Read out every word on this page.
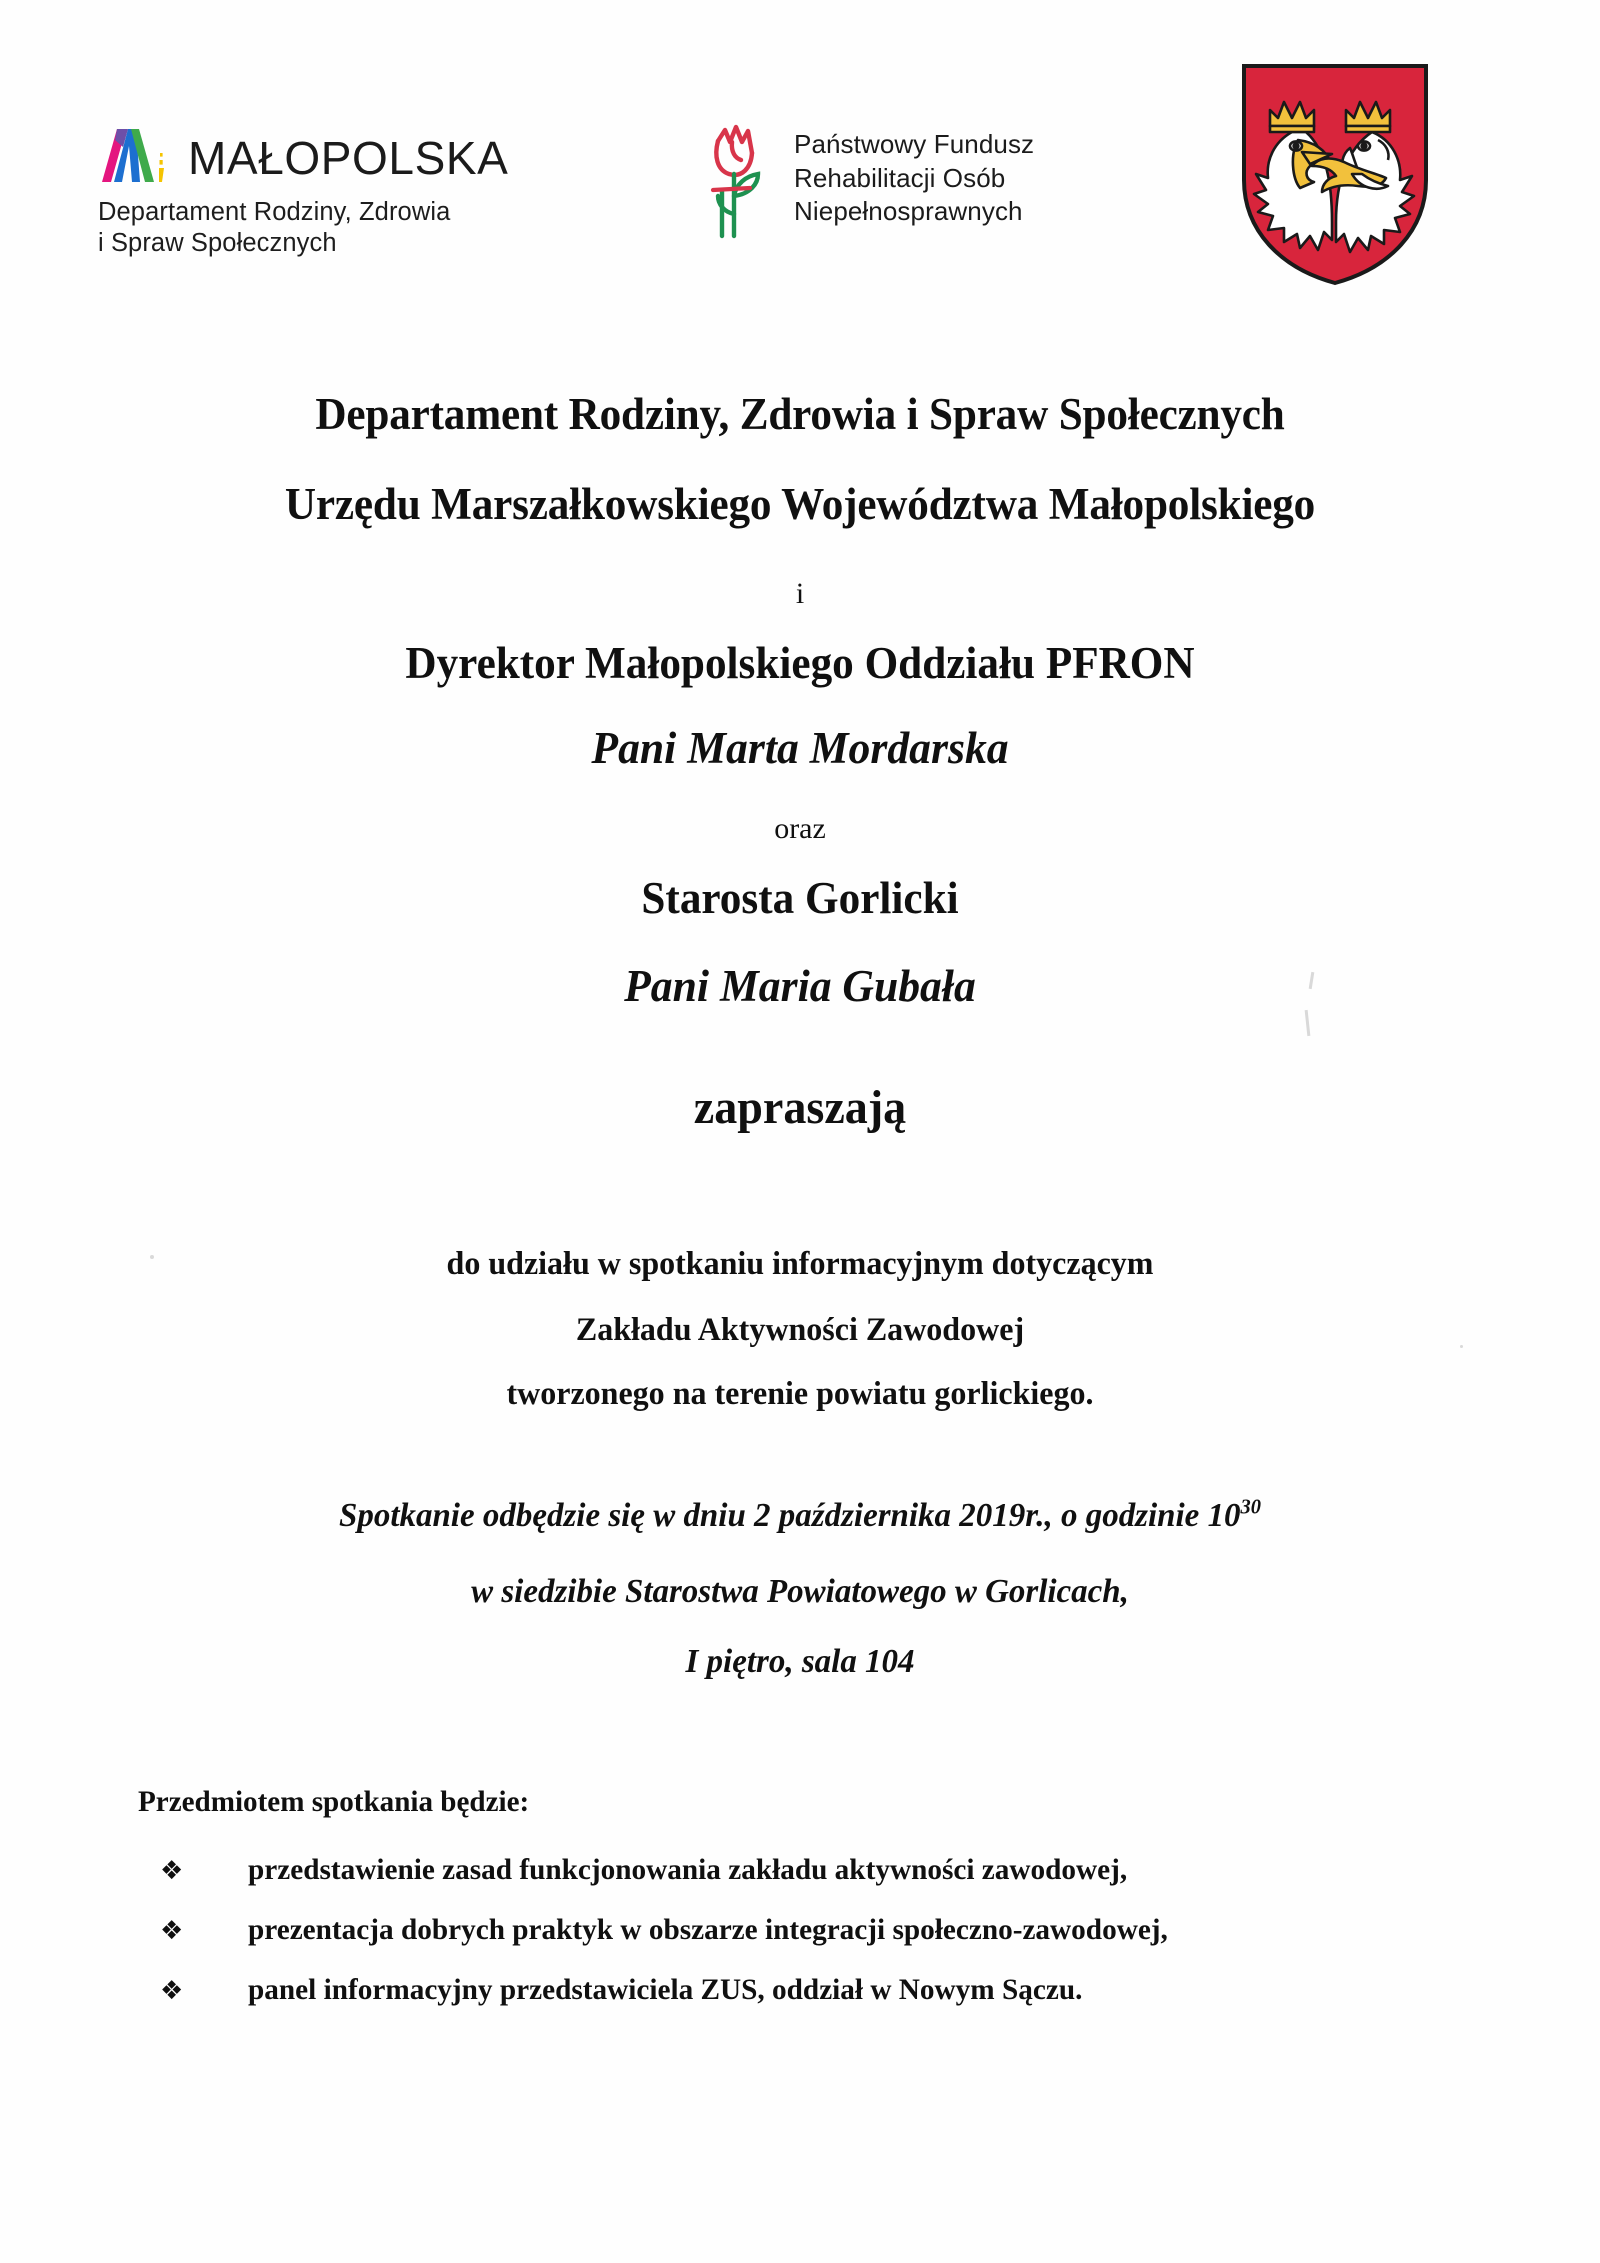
MAŁOPOLSKA
Departament Rodziny, Zdrowia
i Spraw Społecznych
Państwowy Fundusz
Rehabilitacji Osób
Niepełnosprawnych
Departament Rodziny, Zdrowia i Spraw Społecznych
Urzędu Marszałkowskiego Województwa Małopolskiego
i
Dyrektor Małopolskiego Oddziału PFRON
Pani Marta Mordarska
oraz
Starosta Gorlicki
Pani Maria Gubała
zapraszają
do udziału w spotkaniu informacyjnym dotyczącym
Zakładu Aktywności Zawodowej
tworzonego na terenie powiatu gorlickiego.
Spotkanie odbędzie się w dniu 2 października 2019r., o godzinie $10^{30}$
w siedzibie Starostwa Powiatowego w Gorlicach,
I piętro, sala 104
Przedmiotem spotkania będzie:
❖	przedstawienie zasad funkcjonowania zakładu aktywności zawodowej,
❖	prezentacja dobrych praktyk w obszarze integracji społeczno-zawodowej,
❖	panel informacyjny przedstawiciela ZUS, oddział w Nowym Sączu.
